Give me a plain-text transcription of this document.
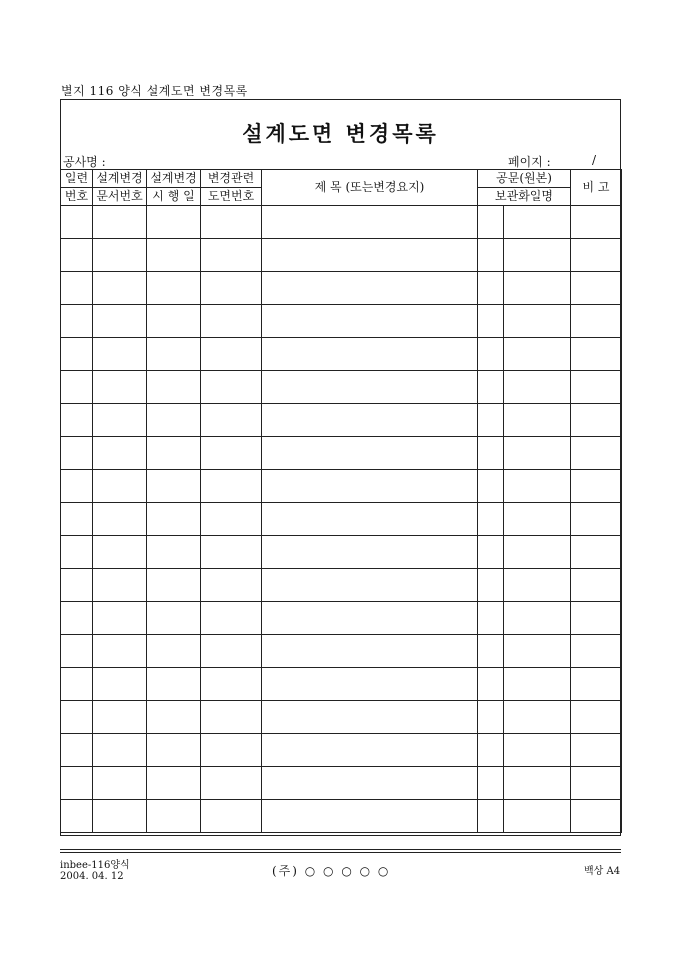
별지 116 양식 설계도면 변경목록
설계도면 변경목록
공사명 :	페이지 :	/
일련	설계변경	설계변경	변경관련	제 목 (또는변경요지)	공문(원본)		비 고
번호	문서번호	시 행 일	도면번호		보관화일명		

inbee-116양식
2004. 04. 12	(주) ○ ○ ○ ○ ○	백상 A4
